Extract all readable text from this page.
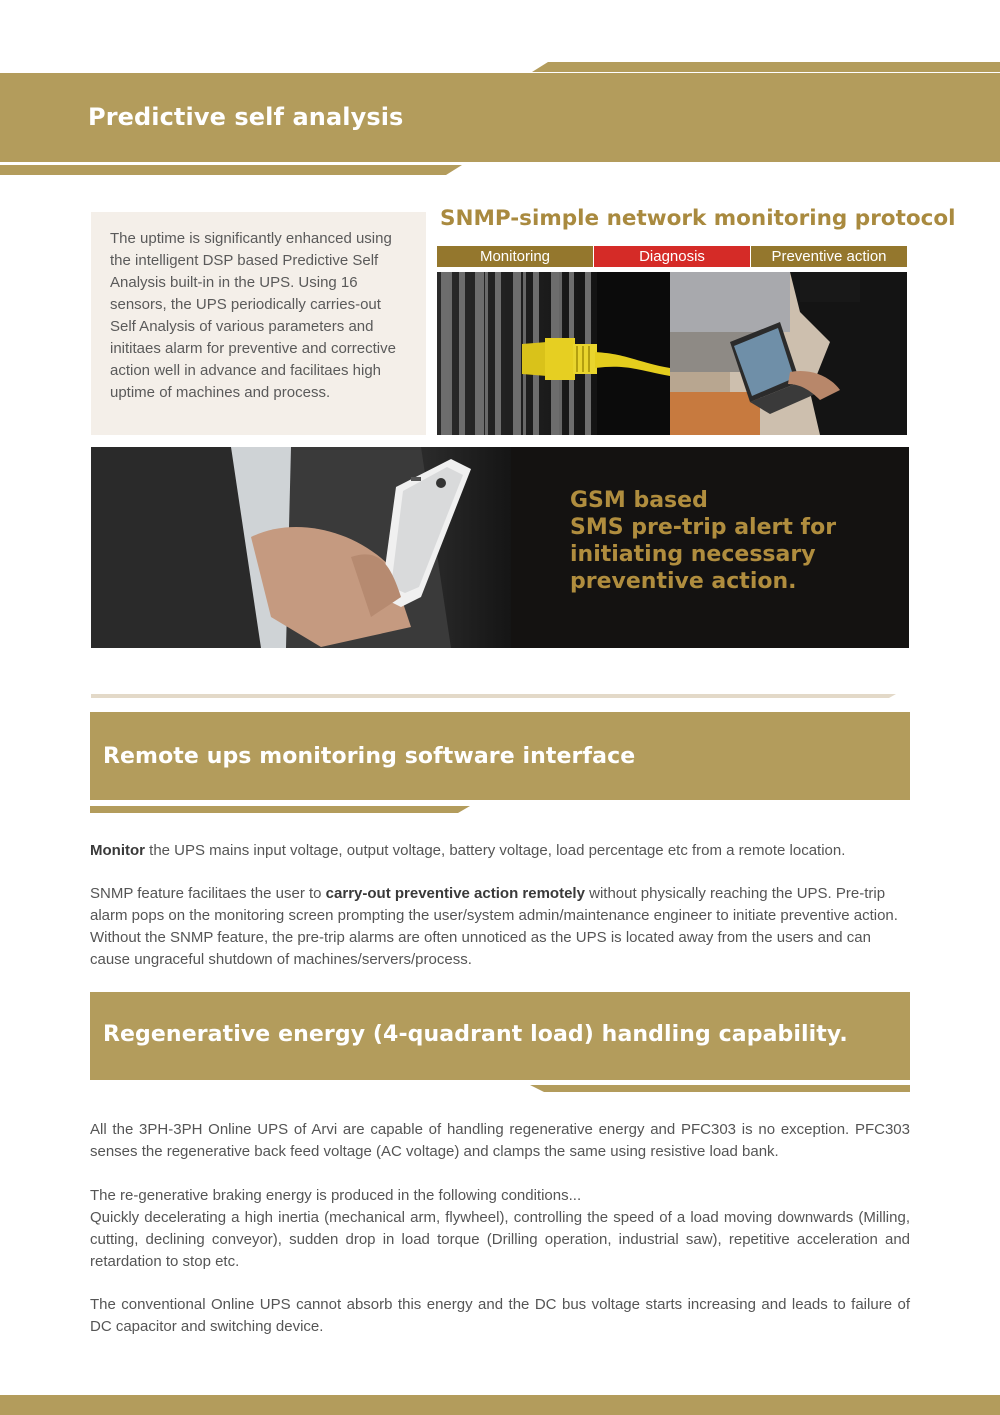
Predictive self analysis
The uptime is significantly enhanced using the intelligent DSP based Predictive Self Analysis built-in in the UPS. Using 16 sensors, the UPS periodically carries-out Self Analysis of various parameters and inititaes alarm for preventive and corrective action well in advance and facilitaes high uptime of machines and process.
SNMP-simple network monitoring protocol
Monitoring	Diagnosis	Preventive action
GSM based
SMS pre-trip alert for
initiating necessary
preventive action.
Remote ups monitoring software interface
Monitor the UPS mains input voltage, output voltage, battery voltage, load percentage etc from a remote location.
SNMP feature facilitaes the user to carry-out preventive action remotely without physically reaching the UPS. Pre-trip alarm pops on the monitoring screen prompting the user/system admin/maintenance engineer to initiate preventive action. Without the SNMP feature, the pre-trip alarms are often unnoticed as the UPS is located away from the users and can cause ungraceful shutdown of machines/servers/process.
Regenerative energy (4-quadrant load) handling capability.
All the 3PH-3PH Online UPS of Arvi are capable of handling regenerative energy and PFC303 is no exception. PFC303 senses the regenerative back feed voltage (AC voltage) and clamps the same using resistive load bank.
The re-generative braking energy is produced in the following conditions...
Quickly decelerating a high inertia (mechanical arm, flywheel), controlling the speed of a load moving downwards (Milling, cutting, declining conveyor), sudden drop in load torque (Drilling operation, industrial saw), repetitive acceleration and retardation to stop etc.
The conventional Online UPS cannot absorb this energy and the DC bus voltage starts increasing and leads to failure of DC capacitor and switching device.
